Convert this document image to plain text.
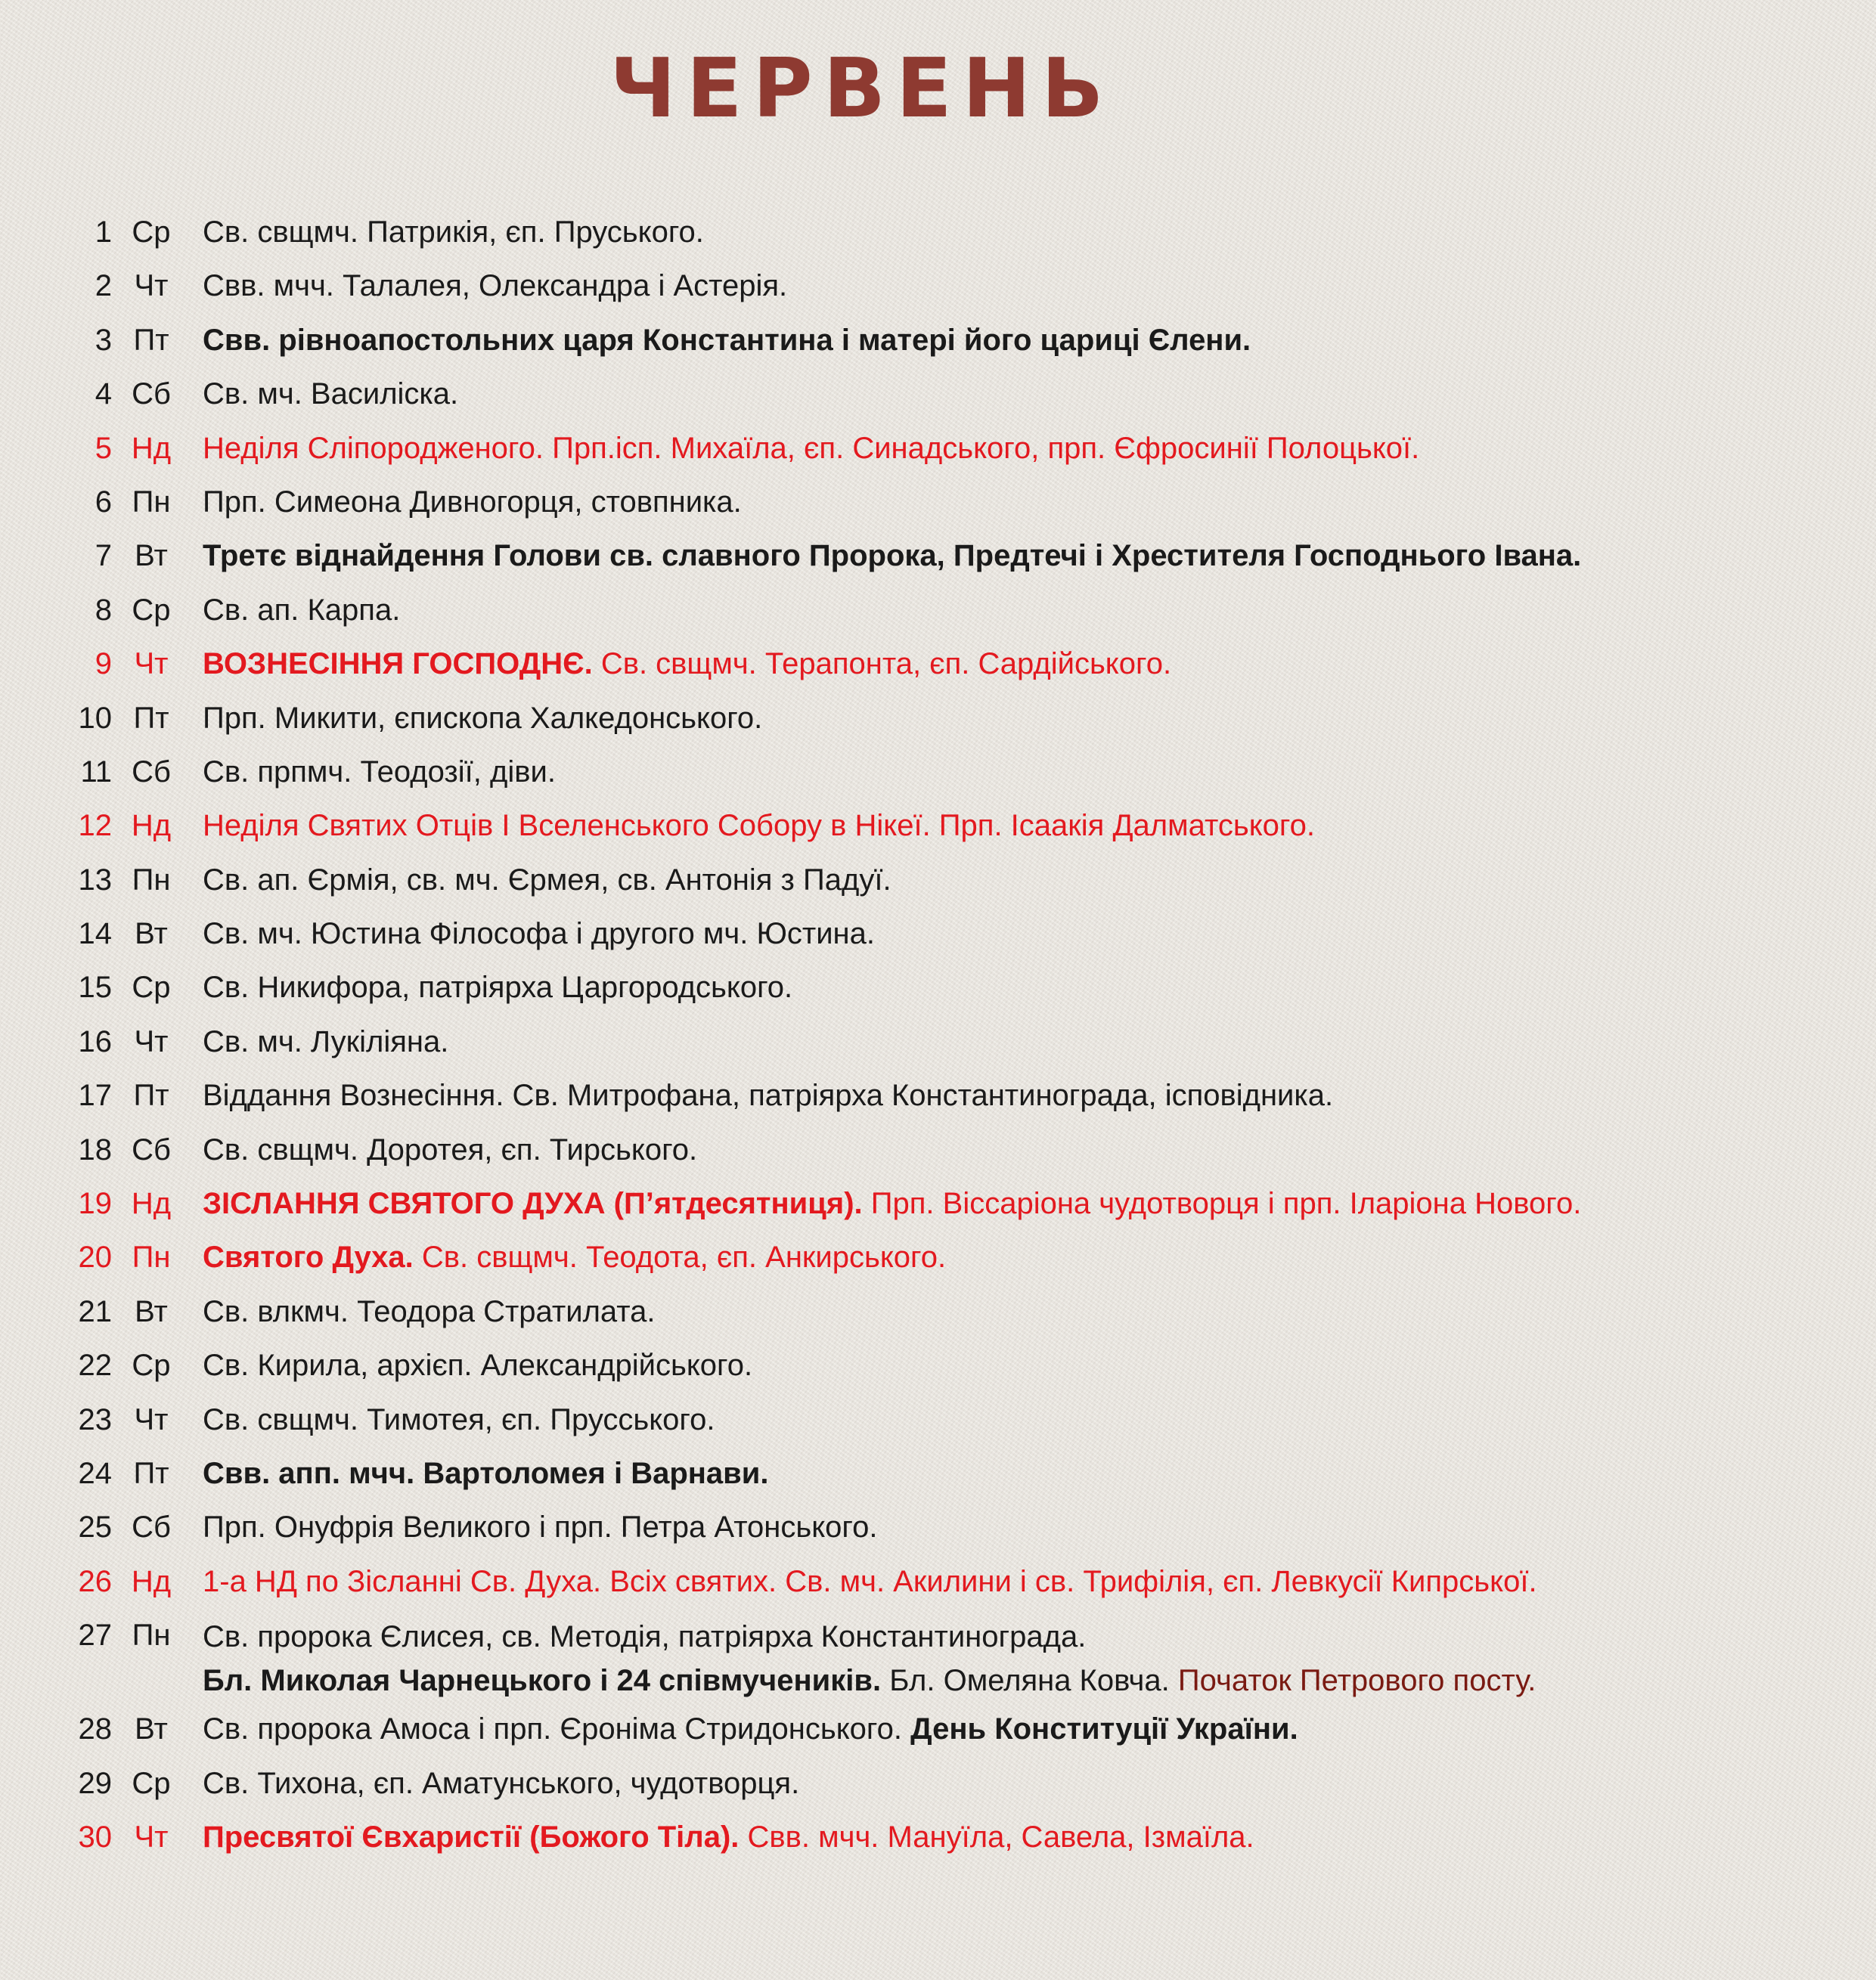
ЧЕРВЕНЬ
1 Ср	Св. свщмч. Патрикія, єп. Пруського.
2 Чт	Свв. мчч. Талалея, Олександра і Астерія.
3 Пт	Свв. рівноапостольних царя Константина і матері його цариці Єлени.
4 Сб	Св. мч. Василіска.
5 Нд	Неділя Сліпородженого. Прп.ісп. Михаїла, єп. Синадського, прп. Єфросинії Полоцької.
6 Пн	Прп. Симеона Дивногорця, стовпника.
7 Вт	Третє віднайдення Голови св. славного Пророка, Предтечі і Хрестителя Господнього Івана.
8 Ср	Св. ап. Карпа.
9 Чт	ВОЗНЕСІННЯ ГОСПОДНЄ. Св. свщмч. Терапонта, єп. Сардійського.
10 Пт	Прп. Микити, єпископа Халкедонського.
11 Сб	Св. прпмч. Теодозії, діви.
12 Нд	Неділя Святих Отців І Вселенського Собору в Нікеї. Прп. Ісаакія Далматського.
13 Пн	Св. ап. Єрмія, св. мч. Єрмея, св. Антонія з Падуї.
14 Вт	Св. мч. Юстина Філософа і другого мч. Юстина.
15 Ср	Св. Никифора, патріярха Царгородського.
16 Чт	Св. мч. Лукіліяна.
17 Пт	Віддання Вознесіння. Св. Митрофана, патріярха Константинограда, ісповідника.
18 Сб	Св. свщмч. Доротея, єп. Тирського.
19 Нд	ЗІСЛАННЯ СВЯТОГО ДУХА (П’ятдесятниця). Прп. Віссаріона чудотворця і прп. Іларіона Нового.
20 Пн	Святого Духа. Св. свщмч. Теодота, єп. Анкирського.
21 Вт	Св. влкмч. Теодора Стратилата.
22 Ср	Св. Кирила, архієп. Александрійського.
23 Чт	Св. свщмч. Тимотея, єп. Прусського.
24 Пт	Свв. апп. мчч. Вартоломея і Варнави.
25 Сб	Прп. Онуфрія Великого і прп. Петра Атонського.
26 Нд	1-а НД по Зісланні Св. Духа. Всіх святих. Св. мч. Акилини і св. Трифілія, єп. Левкусії Кипрської.
27 Пн	Св. пророка Єлисея, св. Методія, патріярха Константинограда.
Бл. Миколая Чарнецького і 24 співмучеників. Бл. Омеляна Ковча. Початок Петрового посту.
28 Вт	Св. пророка Амоса і прп. Єроніма Стридонського. День Конституції України.
29 Ср	Св. Тихона, єп. Аматунського, чудотворця.
30 Чт	Пресвятої Євхаристії (Божого Тіла). Свв. мчч. Мануїла, Савела, Ізмаїла.
